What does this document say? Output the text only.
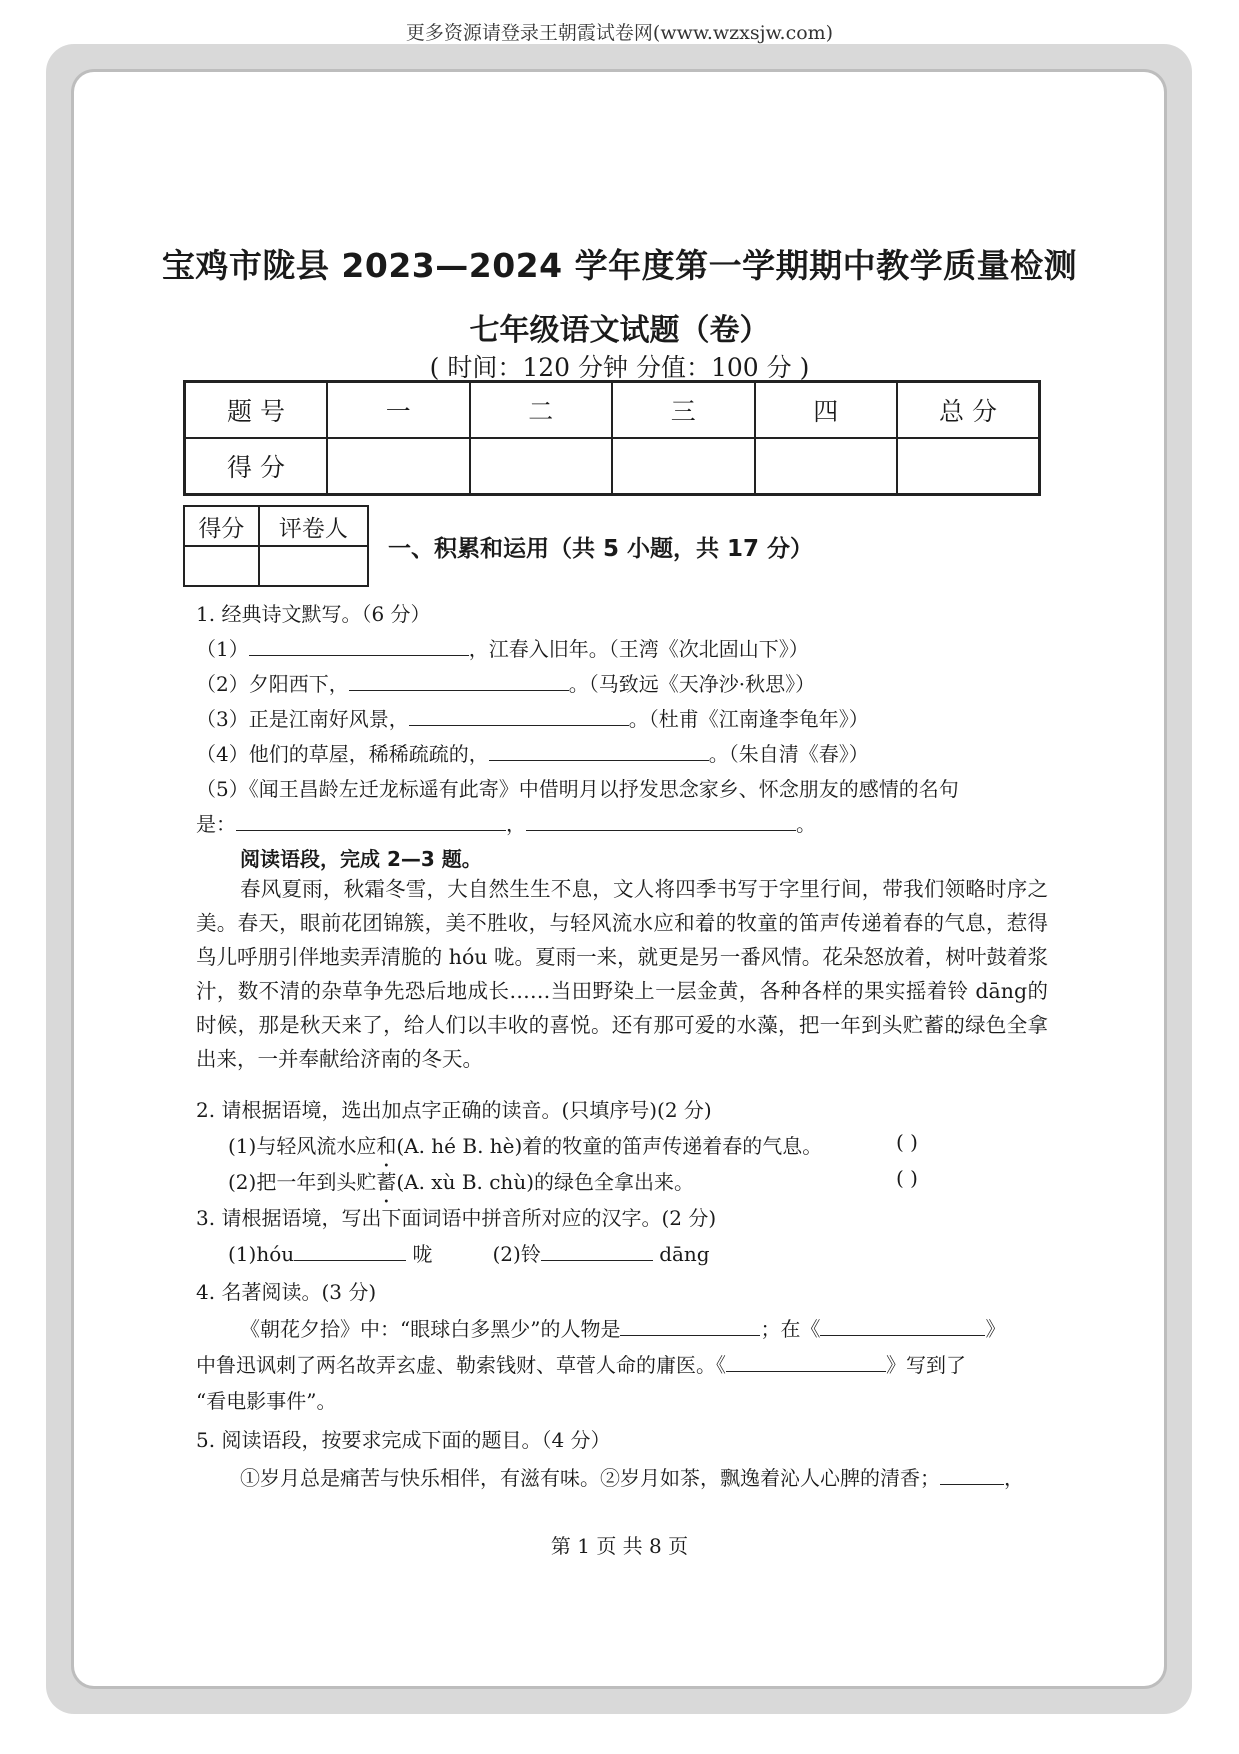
更多资源请登录王朝霞试卷网(www.wzxsjw.com)
宝鸡市陇县 2023—2024 学年度第一学期期中教学质量检测
七年级语文试题（卷）
( 时间：120 分钟 分值：100 分 )
题 号	一	二	三	四	总 分
得 分					
得分	评卷人

一、积累和运用（共 5 小题，共 17 分）
1. 经典诗文默写。（6 分）
（1）	，江春入旧年。（王湾《次北固山下》）
（2）夕阳西下，	。（马致远《天净沙·秋思》）
（3）正是江南好风景，	。（杜甫《江南逢李龟年》）
（4）他们的草屋，稀稀疏疏的，	。（朱自清《春》）
（5）《闻王昌龄左迁龙标遥有此寄》中借明月以抒发思念家乡、怀念朋友的感情的名句
是：	，	。
阅读语段，完成 2—3 题。
春风夏雨，秋霜冬雪，大自然生生不息，文人将四季书写于字里行间，带我们领略时序之美。春天，眼前花团锦簇，美不胜收，与轻风流水应和着的牧童的笛声传递着春的气息，惹得鸟儿呼朋引伴地卖弄清脆的 hóu 咙。夏雨一来，就更是另一番风情。花朵怒放着，树叶鼓着浆汁，数不清的杂草争先恐后地成长……当田野染上一层金黄，各种各样的果实摇着铃 dāng的时候，那是秋天来了，给人们以丰收的喜悦。还有那可爱的水藻，把一年到头贮蓄的绿色全拿出来，一并奉献给济南的冬天。
2. 请根据语境，选出加点字正确的读音。(只填序号)(2 分)
(1)与轻风流水应和(A. hé B. hè)着的牧童的笛声传递着春的气息。	( )
(2)把一年到头贮蓄(A. xù B. chù)的绿色全拿出来。	( )
3. 请根据语境，写出下面词语中拼音所对应的汉字。(2 分)
(1)hóu	咙	(2)铃	dāng
4. 名著阅读。(3 分)
《朝花夕拾》中：“眼球白多黑少”的人物是	；在《	》
中鲁迅讽刺了两名故弄玄虚、勒索钱财、草菅人命的庸医。《	》写到了
“看电影事件”。
5. 阅读语段，按要求完成下面的题目。（4 分）
①岁月总是痛苦与快乐相伴，有滋有味。②岁月如茶，飘逸着沁人心脾的清香；	，
第 1 页 共 8 页
